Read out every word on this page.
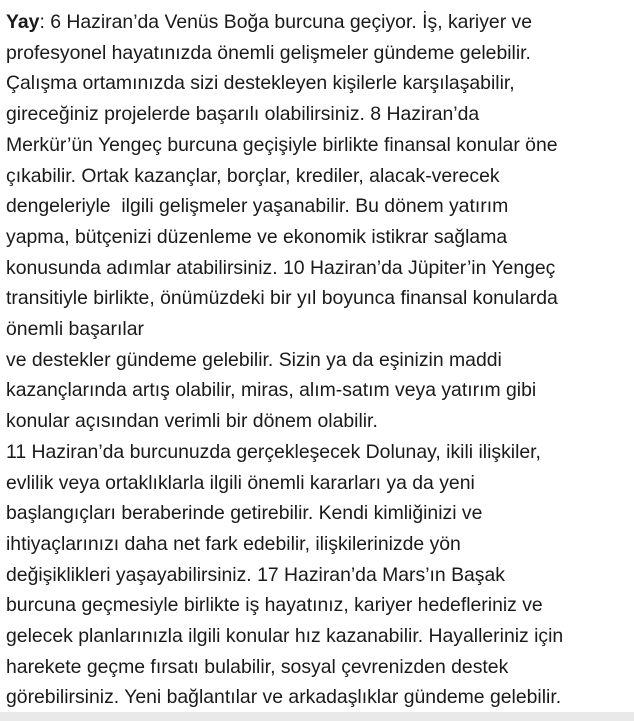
Yay: 6 Haziran’da Venüs Boğa burcuna geçiyor. İş, kariyer ve
profesyonel hayatınızda önemli gelişmeler gündeme gelebilir.
Çalışma ortamınızda sizi destekleyen kişilerle karşılaşabilir,
gireceğiniz projelerde başarılı olabilirsiniz. 8 Haziran’da
Merkür’ün Yengeç burcuna geçişiyle birlikte finansal konular öne
çıkabilir. Ortak kazançlar, borçlar, krediler, alacak-verecek
dengeleriyle  ilgili gelişmeler yaşanabilir. Bu dönem yatırım
yapma, bütçenizi düzenleme ve ekonomik istikrar sağlama
konusunda adımlar atabilirsiniz. 10 Haziran’da Jüpiter’in Yengeç
transitiyle birlikte, önümüzdeki bir yıl boyunca finansal konularda
önemli başarılar
ve destekler gündeme gelebilir. Sizin ya da eşinizin maddi
kazançlarında artış olabilir, miras, alım-satım veya yatırım gibi
konular açısından verimli bir dönem olabilir.
11 Haziran’da burcunuzda gerçekleşecek Dolunay, ikili ilişkiler,
evlilik veya ortaklıklarla ilgili önemli kararları ya da yeni
başlangıçları beraberinde getirebilir. Kendi kimliğinizi ve
ihtiyaçlarınızı daha net fark edebilir, ilişkilerinizde yön
değişiklikleri yaşayabilirsiniz. 17 Haziran’da Mars’ın Başak
burcuna geçmesiyle birlikte iş hayatınız, kariyer hedefleriniz ve
gelecek planlarınızla ilgili konular hız kazanabilir. Hayalleriniz için
harekete geçme fırsatı bulabilir, sosyal çevrenizden destek
görebilirsiniz. Yeni bağlantılar ve arkadaşlıklar gündeme gelebilir.
